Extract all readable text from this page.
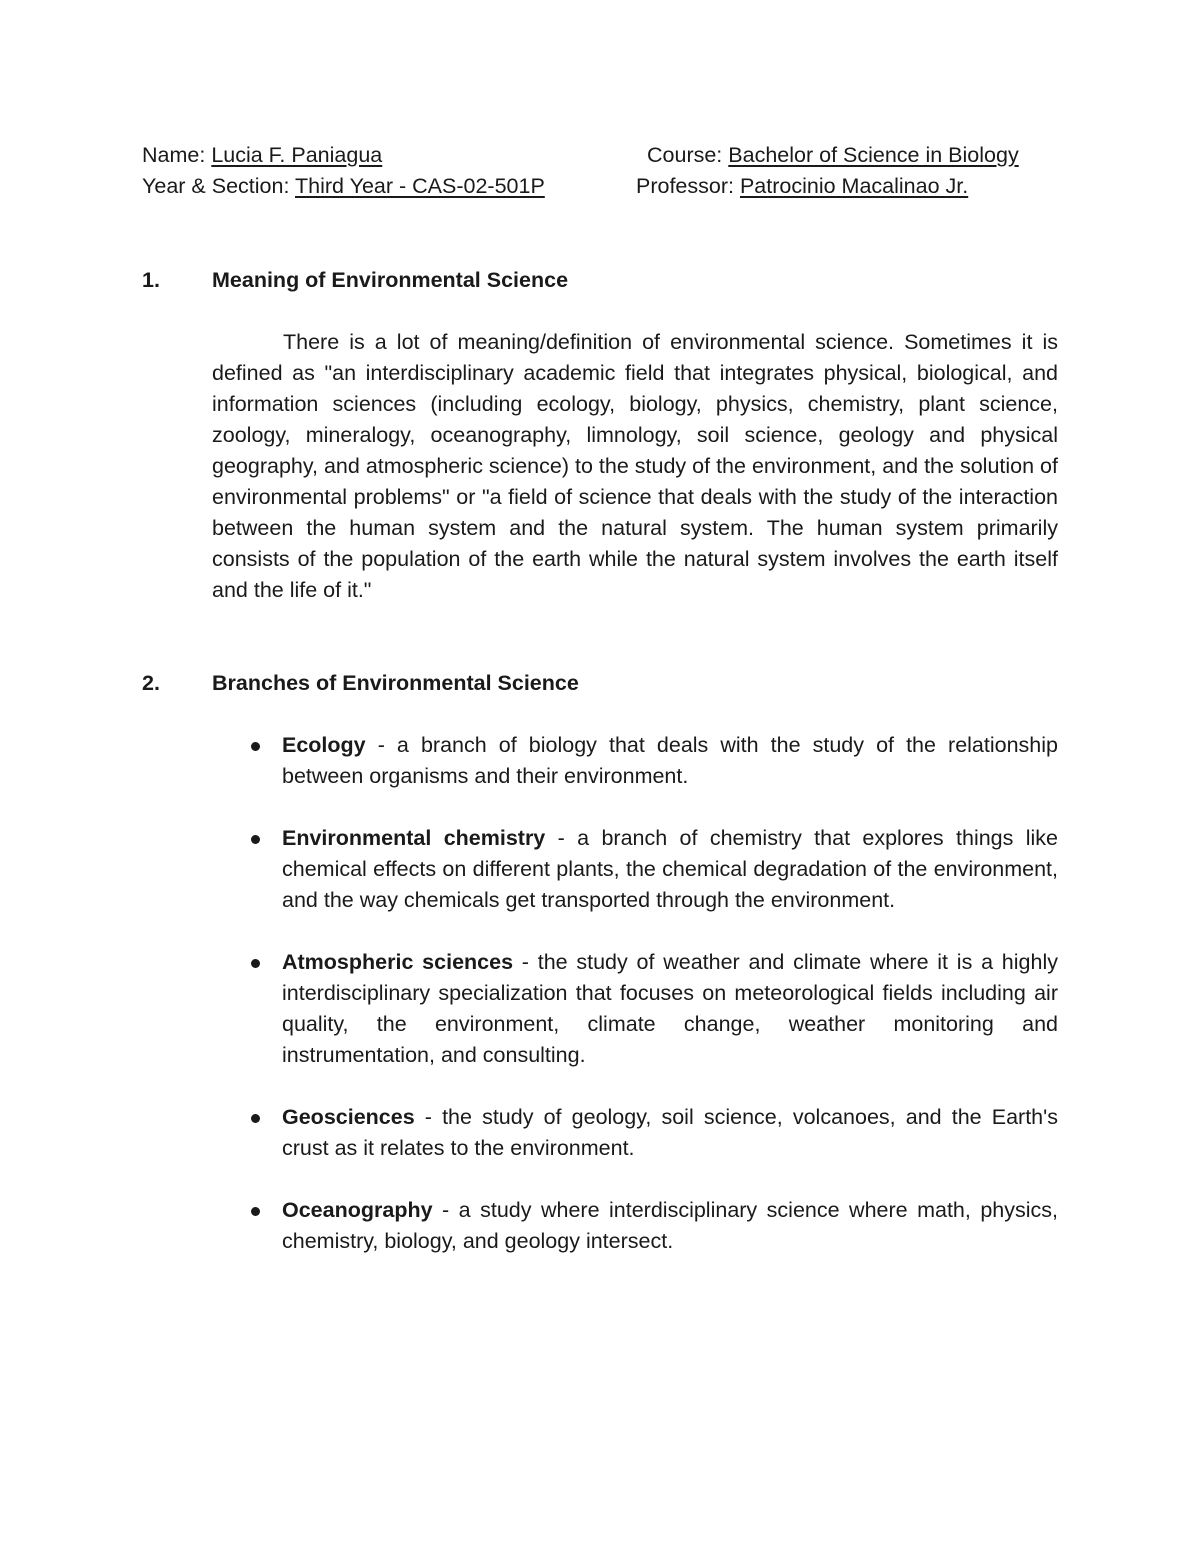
Name: Lucia F. Paniagua	Course: Bachelor of Science in Biology
Year & Section: Third Year - CAS-02-501P	Professor: Patrocinio Macalinao Jr.
1. Meaning of Environmental Science

There is a lot of meaning/definition of environmental science. Sometimes it is defined as "an interdisciplinary academic field that integrates physical, biological, and information sciences (including ecology, biology, physics, chemistry, plant science, zoology, mineralogy, oceanography, limnology, soil science, geology and physical geography, and atmospheric science) to the study of the environment, and the solution of environmental problems" or "a field of science that deals with the study of the interaction between the human system and the natural system. The human system primarily consists of the population of the earth while the natural system involves the earth itself and the life of it."

2. Branches of Environmental Science
Ecology - a branch of biology that deals with the study of the relationship between organisms and their environment.
Environmental chemistry - a branch of chemistry that explores things like chemical effects on different plants, the chemical degradation of the environment, and the way chemicals get transported through the environment.
Atmospheric sciences - the study of weather and climate where it is a highly interdisciplinary specialization that focuses on meteorological fields including air quality, the environment, climate change, weather monitoring and instrumentation, and consulting.
Geosciences - the study of geology, soil science, volcanoes, and the Earth's crust as it relates to the environment.
Oceanography - a study where interdisciplinary science where math, physics, chemistry, biology, and geology intersect.
